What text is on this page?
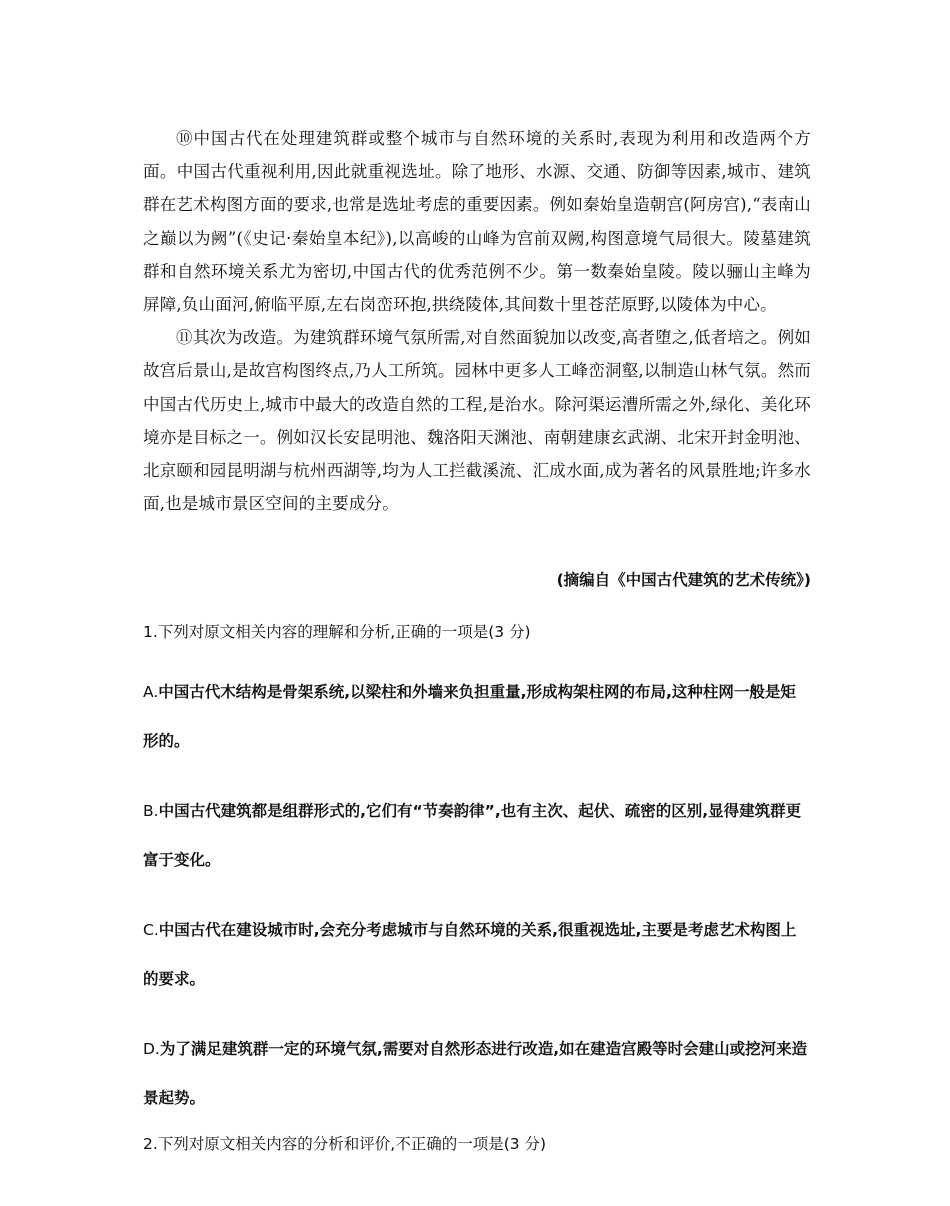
⑩中国古代在处理建筑群或整个城市与自然环境的关系时,表现为利用和改造两个方面。中国古代重视利用,因此就重视选址。除了地形、水源、交通、防御等因素,城市、建筑群在艺术构图方面的要求,也常是选址考虑的重要因素。例如秦始皇造朝宫(阿房宫),“表南山之巅以为阙”(《史记·秦始皇本纪》),以高峻的山峰为宫前双阙,构图意境气局很大。陵墓建筑群和自然环境关系尤为密切,中国古代的优秀范例不少。第一数秦始皇陵。陵以骊山主峰为屏障,负山面河,俯临平原,左右岗峦环抱,拱绕陵体,其间数十里苍茫原野,以陵体为中心。

⑪其次为改造。为建筑群环境气氛所需,对自然面貌加以改变,高者堕之,低者培之。例如故宫后景山,是故宫构图终点,乃人工所筑。园林中更多人工峰峦洞壑,以制造山林气氛。然而中国古代历史上,城市中最大的改造自然的工程,是治水。除河渠运漕所需之外,绿化、美化环境亦是目标之一。例如汉长安昆明池、魏洛阳天渊池、南朝建康玄武湖、北宋开封金明池、北京颐和园昆明湖与杭州西湖等,均为人工拦截溪流、汇成水面,成为著名的风景胜地;许多水面,也是城市景区空间的主要成分。

(摘编自《中国古代建筑的艺术传统》)

1.下列对原文相关内容的理解和分析,正确的一项是(3 分)

A.中国古代木结构是骨架系统,以梁柱和外墙来负担重量,形成构架柱网的布局,这种柱网一般是矩形的。

B.中国古代建筑都是组群形式的,它们有“节奏韵律”,也有主次、起伏、疏密的区别,显得建筑群更富于变化。

C.中国古代在建设城市时,会充分考虑城市与自然环境的关系,很重视选址,主要是考虑艺术构图上的要求。

D.为了满足建筑群一定的环境气氛,需要对自然形态进行改造,如在建造宫殿等时会建山或挖河来造景起势。

2.下列对原文相关内容的分析和评价,不正确的一项是(3 分)
